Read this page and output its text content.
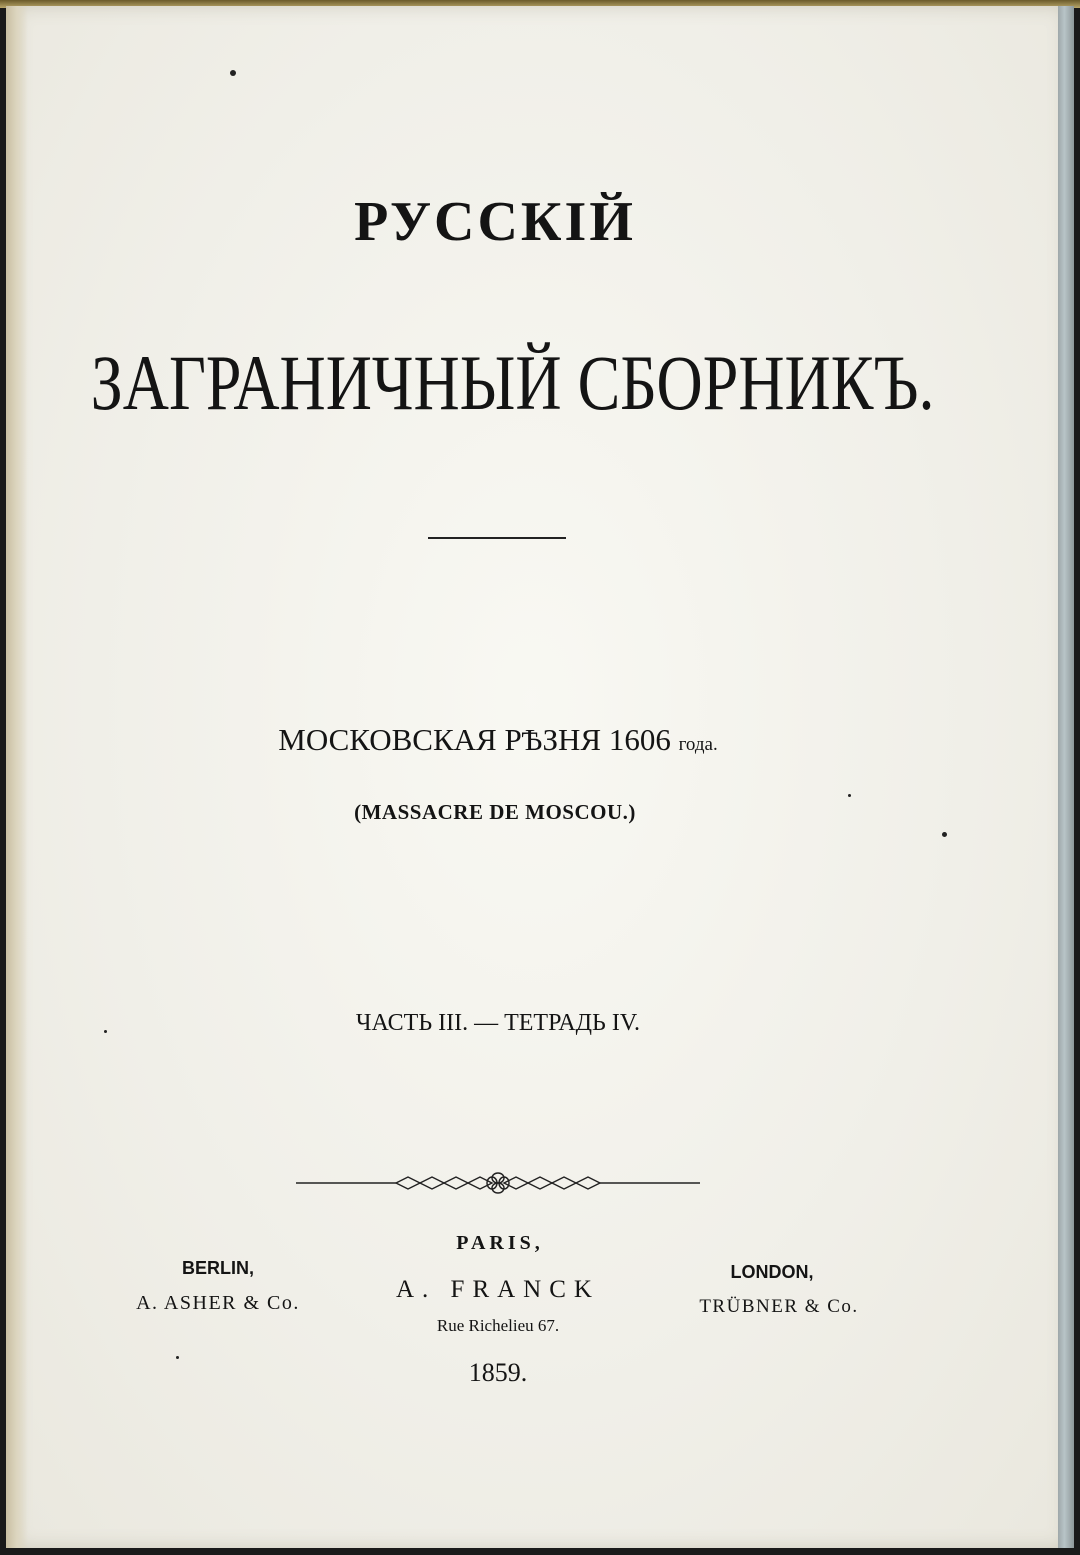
РУССКІЙ
ЗАГРАНИЧНЫЙ СБОРНИКЪ.
МОСКОВСКАЯ РѢЗНЯ 1606 года.
(MASSACRE DE MOSCOU.)
ЧАСТЬ III. — ТЕТРАДЬ IV.
BERLIN,
A. ASHER & Co.
PARIS,
A. FRANCK
Rue Richelieu 67.
LONDON,
TRÜBNER & Co.
1859.
